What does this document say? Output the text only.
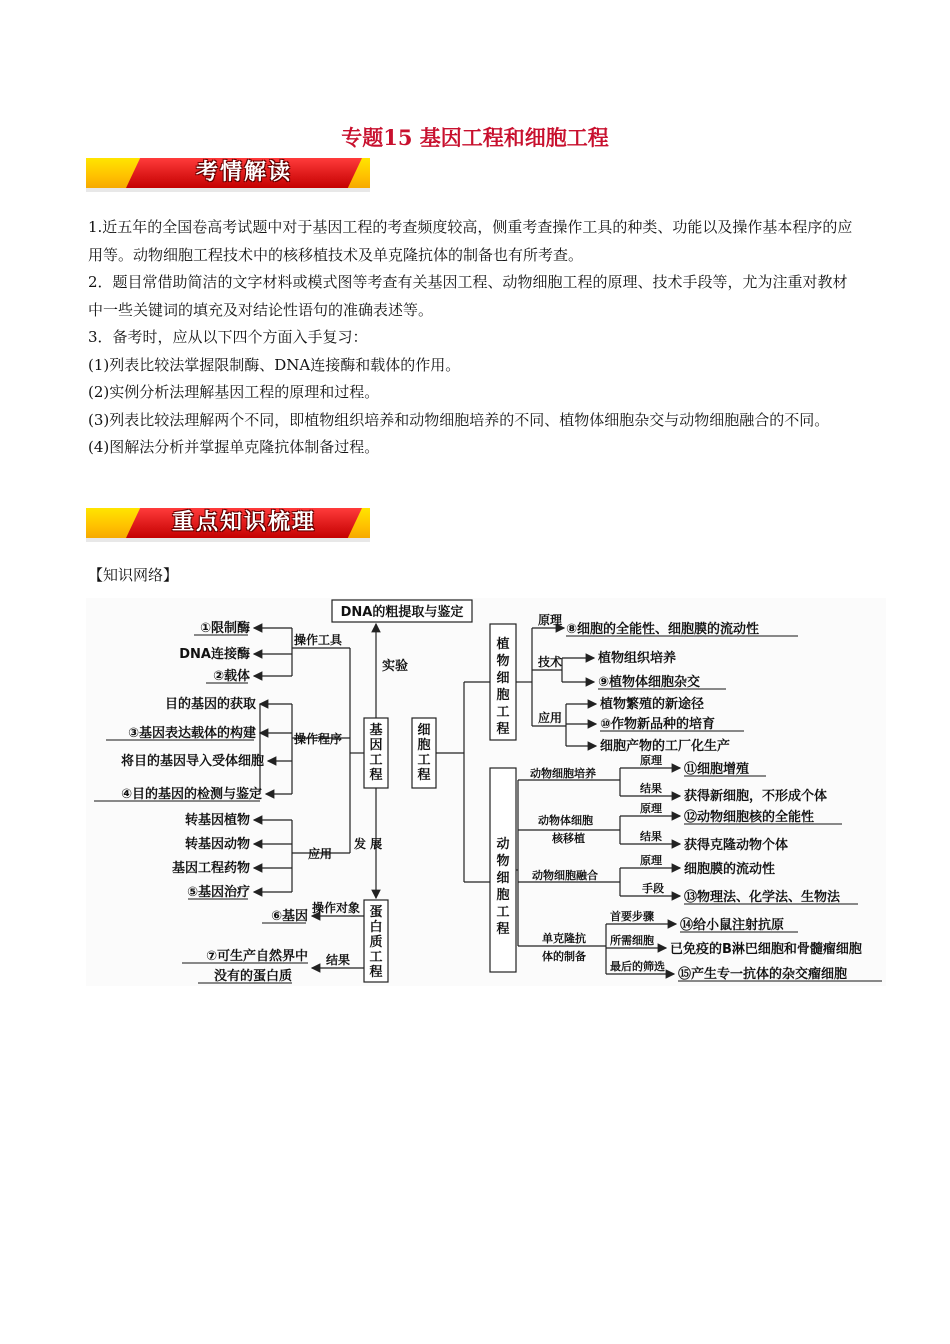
专题15 基因工程和细胞工程
考情解读

1.近五年的全国卷高考试题中对于基因工程的考查频度较高，侧重考查操作工具的种类、功能以及操作基本程序的应用等。动物细胞工程技术中的核移植技术及单克隆抗体的制备也有所考查。

2．题目常借助简洁的文字材料或模式图等考查有关基因工程、动物细胞工程的原理、技术手段等，尤为注重对教材中一些关键词的填充及对结论性语句的准确表述等。

3．备考时，应从以下四个方面入手复习：

(1)列表比较法掌握限制酶、DNA连接酶和载体的作用。

(2)实例分析法理解基因工程的原理和过程。

(3)列表比较法理解两个不同，即植物组织培养和动物细胞培养的不同、植物体细胞杂交与动物细胞融合的不同。

(4)图解法分析并掌握单克隆抗体制备过程。

重点知识梳理
【知识网络】
DNA的粗提取与鉴定
实验
基因工程
发 展
蛋白质工程
细胞工程
操作工具
①限制酶
DNA连接酶
②载体
操作程序
目的基因的获取
③基因表达载体的构建
将目的基因导入受体细胞
④目的基因的检测与鉴定
应用
转基因植物
转基因动物
基因工程药物
⑤基因治疗
操作对象
⑥基因
结果
⑦可生产自然界中
没有的蛋白质
植物细胞工程
原理
⑧细胞的全能性、细胞膜的流动性
技术	植物组织培养
⑨植物体细胞杂交
应用
植物繁殖的新途径
⑩作物新品种的培育
细胞产物的工厂化生产
动物细胞工程
动物细胞培养
原理
⑪细胞增殖
结果
获得新细胞，不形成个体
动物体细胞
核移植
原理
⑫动物细胞核的全能性
结果
获得克隆动物个体
动物细胞融合
原理
细胞膜的流动性
手段
⑬物理法、化学法、生物法
单克隆抗
体的制备
首要步骤
⑭给小鼠注射抗原
所需细胞
已免疫的B淋巴细胞和骨髓瘤细胞
最后的筛选
⑮产生专一抗体的杂交瘤细胞
